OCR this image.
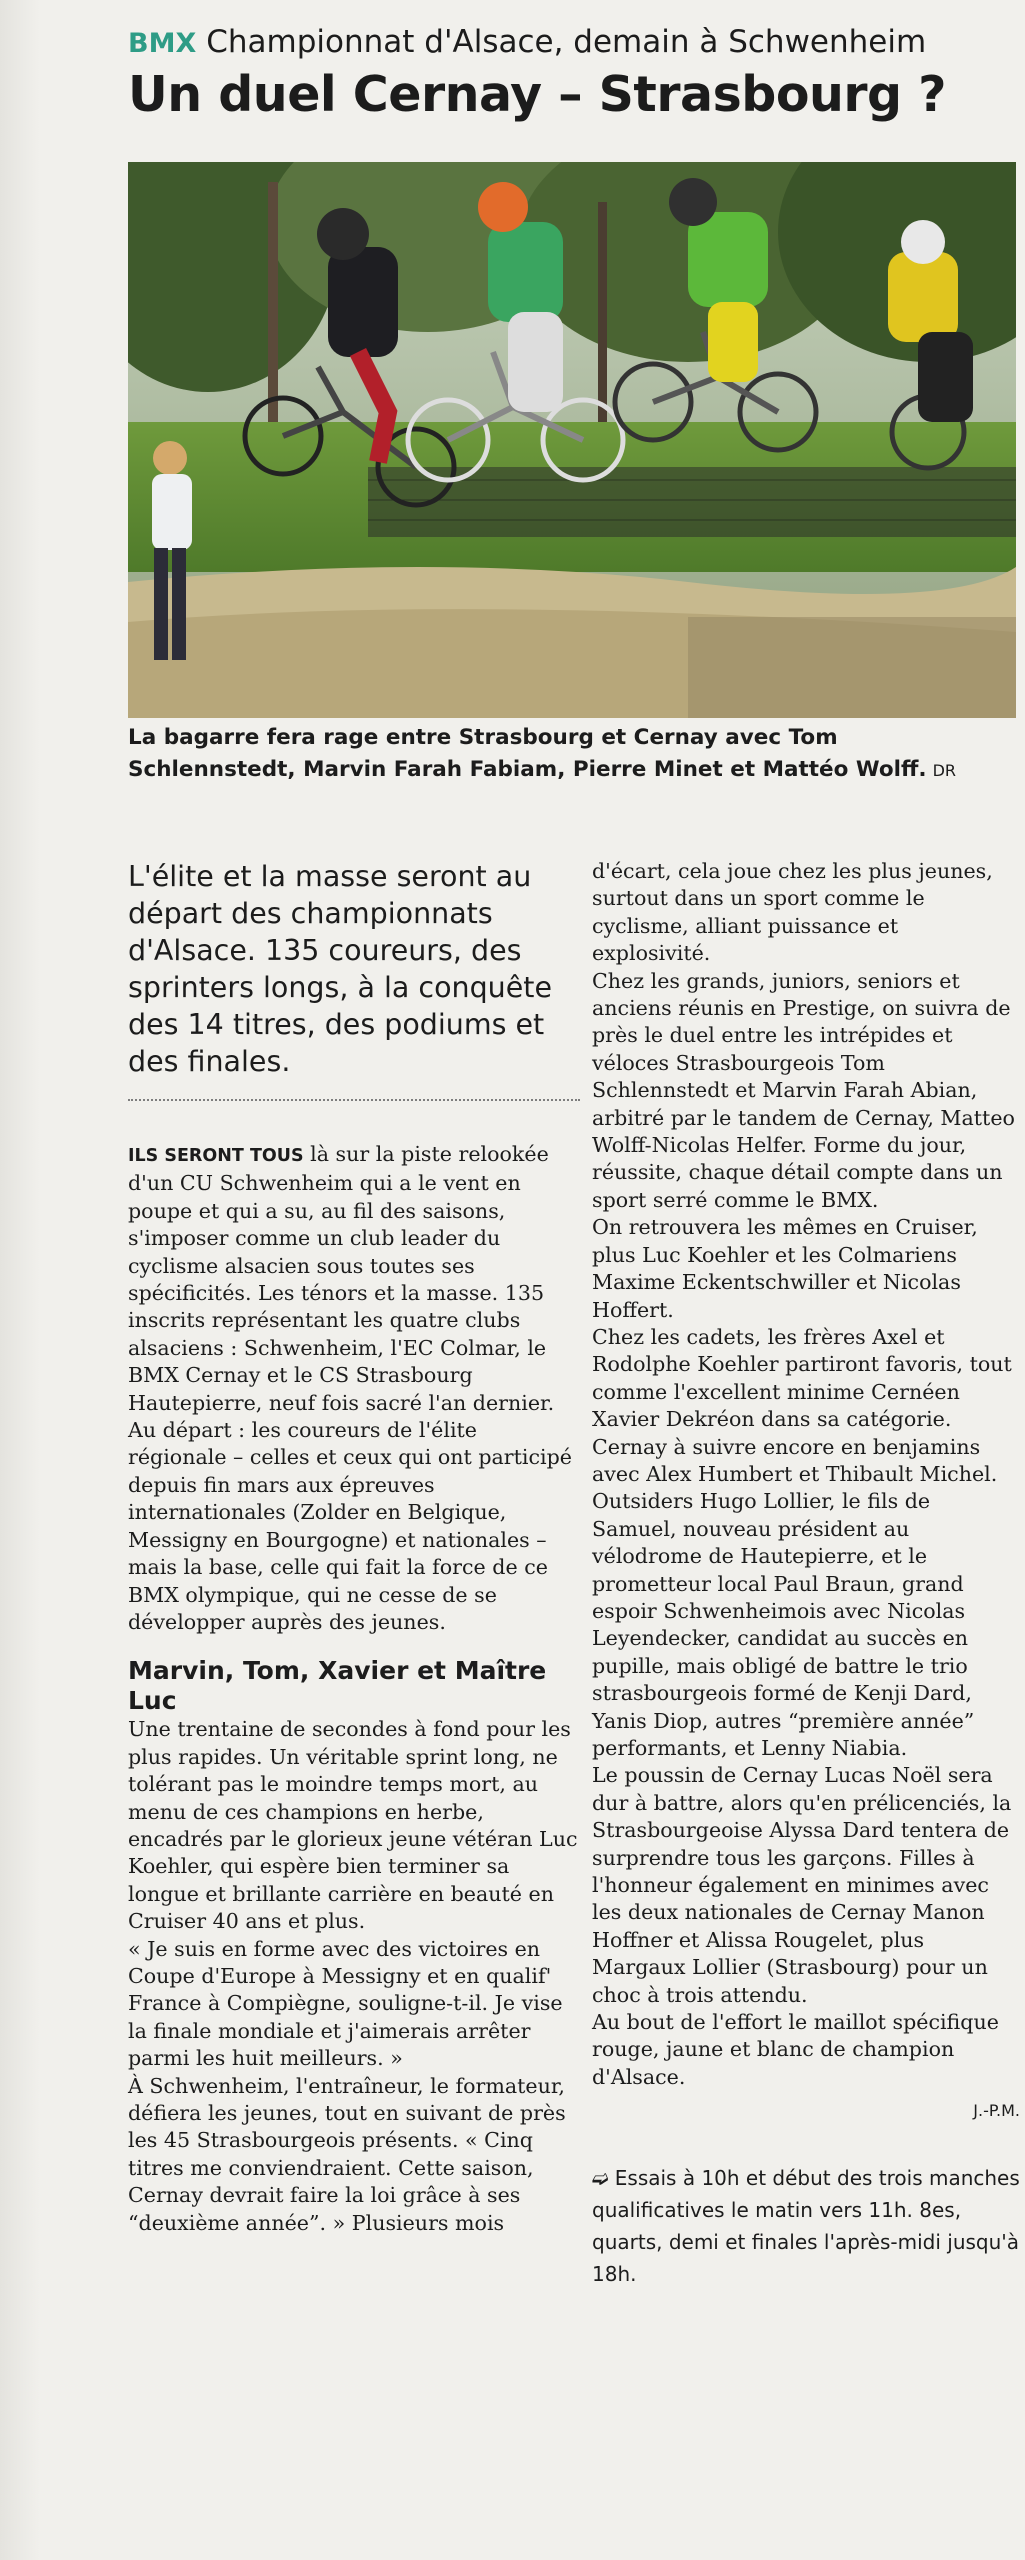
BMX Championnat d'Alsace, demain à Schwenheim
Un duel Cernay – Strasbourg ?
La bagarre fera rage entre Strasbourg et Cernay avec Tom Schlennstedt, Marvin Farah Fabiam, Pierre Minet et Mattéo Wolff. DR

L'élite et la masse seront au départ des championnats d'Alsace. 135 coureurs, des sprinters longs, à la conquête des 14 titres, des podiums et des finales.

ILS SERONT TOUS là sur la piste relookée d'un CU Schwenheim qui a le vent en poupe et qui a su, au fil des saisons, s'imposer comme un club leader du cyclisme alsacien sous toutes ses spécificités. Les ténors et la masse. 135 inscrits représentant les quatre clubs alsaciens : Schwenheim, l'EC Colmar, le BMX Cernay et le CS Strasbourg Hautepierre, neuf fois sacré l'an dernier.

Au départ : les coureurs de l'élite régionale – celles et ceux qui ont participé depuis fin mars aux épreuves internationales (Zolder en Belgique, Messigny en Bourgogne) et nationales – mais la base, celle qui fait la force de ce BMX olympique, qui ne cesse de se développer auprès des jeunes.

Marvin, Tom, Xavier et Maître Luc

Une trentaine de secondes à fond pour les plus rapides. Un véritable sprint long, ne tolérant pas le moindre temps mort, au menu de ces champions en herbe, encadrés par le glorieux jeune vétéran Luc Koehler, qui espère bien terminer sa longue et brillante carrière en beauté en Cruiser 40 ans et plus.

« Je suis en forme avec des victoires en Coupe d'Europe à Messigny et en qualif' France à Compiègne, souligne-t-il. Je vise la finale mondiale et j'aimerais arrêter parmi les huit meilleurs. »

À Schwenheim, l'entraîneur, le formateur, défiera les jeunes, tout en suivant de près les 45 Strasbourgeois présents. « Cinq titres me conviendraient. Cette saison, Cernay devrait faire la loi grâce à ses “deuxième année”. » Plusieurs mois

d'écart, cela joue chez les plus jeunes, surtout dans un sport comme le cyclisme, alliant puissance et explosivité.

Chez les grands, juniors, seniors et anciens réunis en Prestige, on suivra de près le duel entre les intrépides et véloces Strasbourgeois Tom Schlennstedt et Marvin Farah Abian, arbitré par le tandem de Cernay, Matteo Wolff-Nicolas Helfer. Forme du jour, réussite, chaque détail compte dans un sport serré comme le BMX.

On retrouvera les mêmes en Cruiser, plus Luc Koehler et les Colmariens Maxime Eckentschwiller et Nicolas Hoffert.

Chez les cadets, les frères Axel et Rodolphe Koehler partiront favoris, tout comme l'excellent minime Cernéen Xavier Dekréon dans sa catégorie. Cernay à suivre encore en benjamins avec Alex Humbert et Thibault Michel. Outsiders Hugo Lollier, le fils de Samuel, nouveau président au vélodrome de Hautepierre, et le prometteur local Paul Braun, grand espoir Schwenheimois avec Nicolas Leyendecker, candidat au succès en pupille, mais obligé de battre le trio strasbourgeois formé de Kenji Dard, Yanis Diop, autres “première année” performants, et Lenny Niabia.

Le poussin de Cernay Lucas Noël sera dur à battre, alors qu'en prélicenciés, la Strasbourgeoise Alyssa Dard tentera de surprendre tous les garçons. Filles à l'honneur également en minimes avec les deux nationales de Cernay Manon Hoffner et Alissa Rougelet, plus Margaux Lollier (Strasbourg) pour un choc à trois attendu.

Au bout de l'effort le maillot spécifique rouge, jaune et blanc de champion d'Alsace.

J.-P.M.
➫ Essais à 10h et début des trois manches qualificatives le matin vers 11h. 8es, quarts, demi et finales l'après-midi jusqu'à 18h.
